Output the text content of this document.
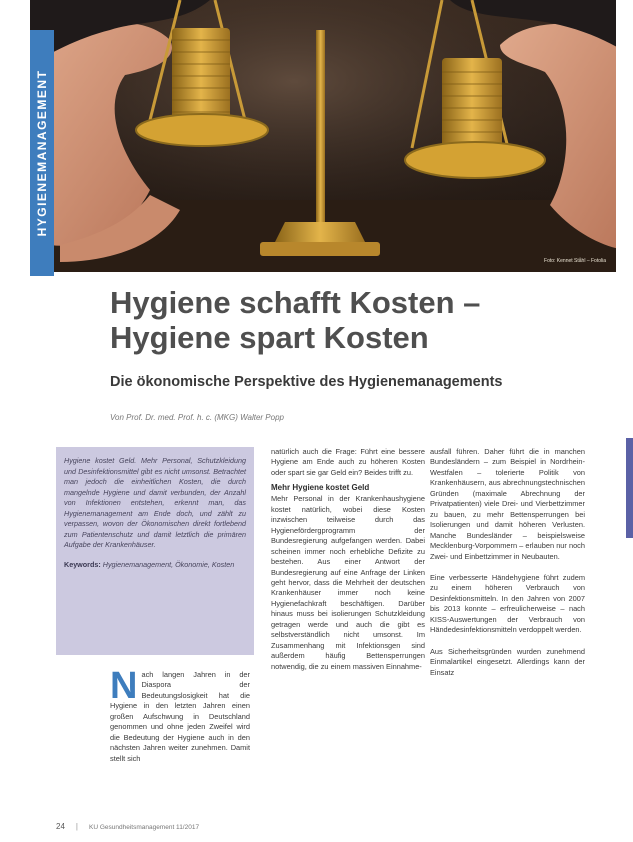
Foto: Kennet Ståhl – Fotolia
HYGIENEMANAGEMENT
Hygiene schafft Kosten –
Hygiene spart Kosten
Die ökonomische Perspektive des Hygienemanagements
Von Prof. Dr. med. Prof. h. c. (MKG) Walter Popp

Hygiene kostet Geld. Mehr Personal, Schutzkleidung und Desinfektionsmittel gibt es nicht umsonst. Betrachtet man jedoch die einheitlichen Kosten, die durch mangelnde Hygiene und damit verbunden, der Anzahl von Infektionen entstehen, erkennt man, das Hygienemanagement am Ende doch, und zählt zu verpassen, wovon der Ökonomischen direkt fortlebend zum Patientenschutz und damit letztlich die primären Aufgabe der Krankenhäuser.

Keywords: Hygienemanagement, Ökonomie, Kosten

Nach langen Jahren in der Diaspora der Bedeutungslosigkeit hat die Hygiene in den letzten Jahren einen großen Aufschwung in Deutschland genommen und ohne jeden Zweifel wird die Bedeutung der Hygiene auch in den nächsten Jahren weiter zunehmen. Damit stellt sich

natürlich auch die Frage: Führt eine bessere Hygiene am Ende auch zu höheren Kosten oder spart sie gar Geld ein? Beides trifft zu.

Mehr Hygiene kostet Geld

Mehr Personal in der Krankenhaushygiene kostet natürlich, wobei diese Kosten inzwischen teilweise durch das Hygienefördergprogramm der Bundesregierung aufgefangen werden. Dabei scheinen immer noch erhebliche Defizite zu bestehen. Aus einer Antwort der Bundesregierung auf eine Anfrage der Linken geht hervor, dass die Mehrheit der deutschen Krankenhäuser immer noch keine Hygienefachkraft beschäftigen. Darüber hinaus muss bei isolierungen Schutzkleidung getragen werde und auch die gibt es selbstverständlich nicht umsonst. Im Zusammenhang mit Infektionsgen sind außerdem häufig Bettensperrungen notwendig, die zu einem massiven Einnahme-

ausfall führen. Daher führt die in manchen Bundesländern – zum Beispiel in Nordrhein-Westfalen – tolerierte Politik von Krankenhäusern, aus abrechnungstechnischen Gründen (maximale Abrechnung der Privatpatienten) viele Drei- und Vierbettzimmer zu bauen, zu mehr Bettensperrungen bei Isolierungen und damit höheren Verlusten. Manche Bundesländer – beispielsweise Mecklenburg-Vorpommern – erlauben nur noch Zwei- und Einbettzimmer in Neubauten.

Eine verbesserte Händehygiene führt zudem zu einem höheren Verbrauch von Desinfektionsmitteln. In den Jahren von 2007 bis 2013 konnte – erfreulicherweise – nach KISS-Auswertungen der Verbrauch von Händedesinfektionsmitteln verdoppelt werden.

Aus Sicherheitsgründen wurden zunehmend Einmalartikel eingesetzt. Allerdings kann der Einsatz

24 | KU Gesundheitsmanagement 11/2017
